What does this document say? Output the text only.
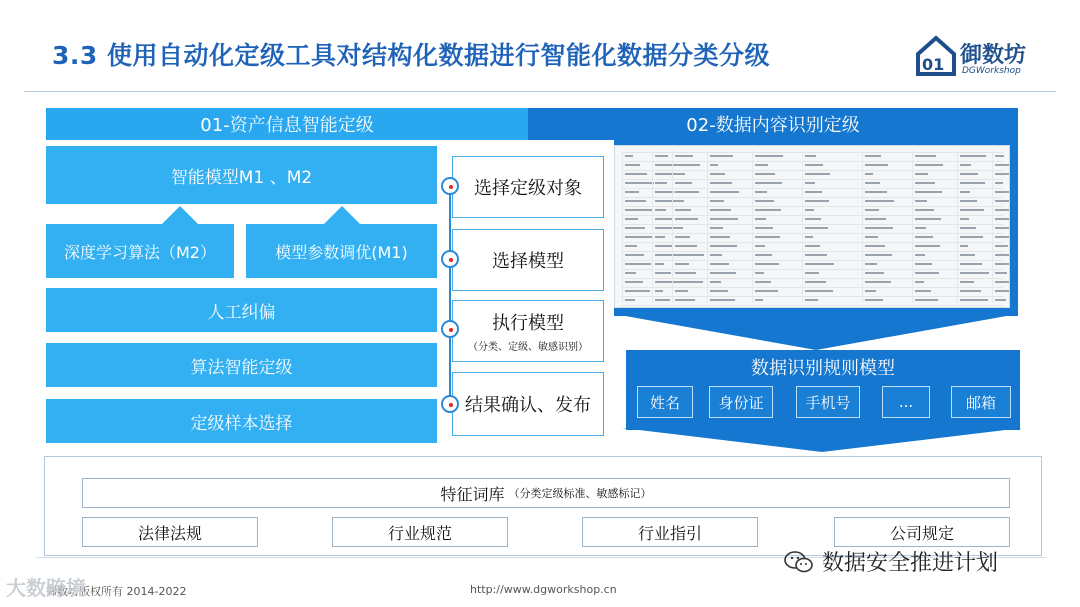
3.3 使用自动化定级工具对结构化数据进行智能化数据分类分级	01 御数坊
DGWorkshop
01-资产信息智能定级	02-数据内容识别定级
智能模型M1 、M2
深度学习算法（M2）	模型参数调优(M1)
人工纠偏
算法智能定级
定级样本选择
选择定级对象
选择模型
执行模型
（分类、定级、敏感识别）
结果确认、发布
数据识别规则模型
姓名	身份证	手机号	...	邮箱
特征词库 （分类定级标准、敏感标记）
法律法规	行业规范	行业指引	公司规定
御数坊版权所有 2014-2022	http://www.dgworkshop.cn
大数跨境
数据安全推进计划
